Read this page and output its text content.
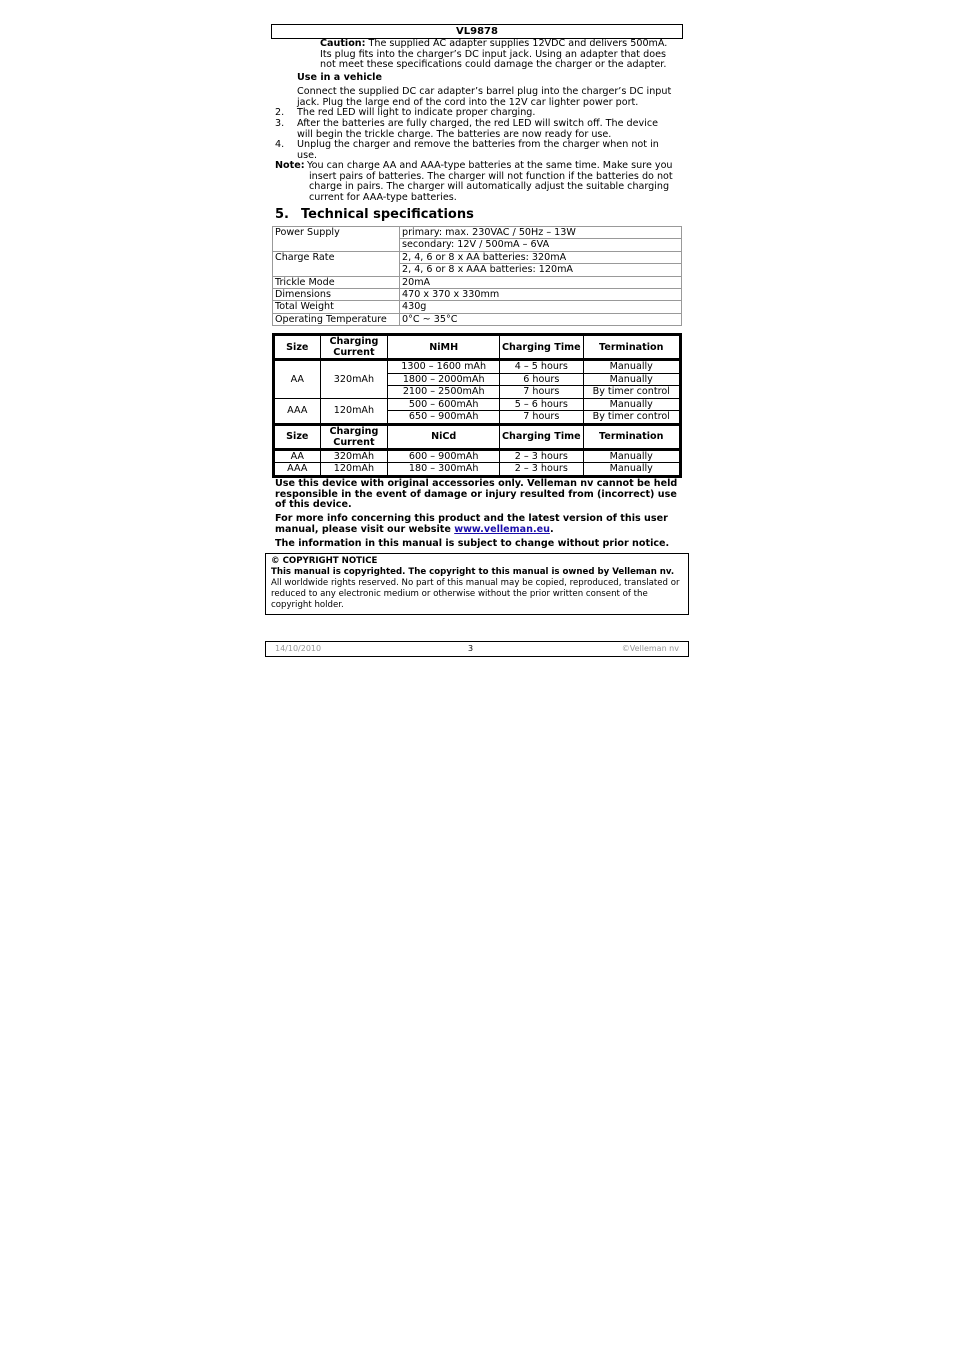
VL9878
Caution: The supplied AC adapter supplies 12VDC and delivers 500mA. Its plug fits into the charger’s DC input jack. Using an adapter that does not meet these specifications could damage the charger or the adapter.
Use in a vehicle
Connect the supplied DC car adapter’s barrel plug into the charger’s DC input jack. Plug the large end of the cord into the 12V car lighter power port.
2. The red LED will light to indicate proper charging.
3. After the batteries are fully charged, the red LED will switch off. The device will begin the trickle charge. The batteries are now ready for use.
4. Unplug the charger and remove the batteries from the charger when not in use.
Note: You can charge AA and AAA-type batteries at the same time. Make sure you insert pairs of batteries. The charger will not function if the batteries do not charge in pairs. The charger will automatically adjust the suitable charging current for AAA-type batteries.
5. Technical specifications
Power Supply	primary: max. 230VAC / 50Hz – 13W
	secondary: 12V / 500mA – 6VA
Charge Rate	2, 4, 6 or 8 x AA batteries: 320mA
	2, 4, 6 or 8 x AAA batteries: 120mA
Trickle Mode	20mA
Dimensions	470 x 370 x 330mm
Total Weight	430g
Operating Temperature	0°C ~ 35°C
Size	Charging Current	NiMH	Charging Time	Termination
AA	320mAh	1300 – 1600 mAh	4 – 5 hours	Manually
		1800 – 2000mAh	6 hours	Manually
		2100 – 2500mAh	7 hours	By timer control
AAA	120mAh	500 – 600mAh	5 – 6 hours	Manually
		650 – 900mAh	7 hours	By timer control
Size	Charging Current	NiCd	Charging Time	Termination
AA	320mAh	600 – 900mAh	2 – 3 hours	Manually
AAA	120mAh	180 – 300mAh	2 – 3 hours	Manually
Use this device with original accessories only. Velleman nv cannot be held responsible in the event of damage or injury resulted from (incorrect) use of this device.
For more info concerning this product and the latest version of this user manual, please visit our website www.velleman.eu.
The information in this manual is subject to change without prior notice.
© COPYRIGHT NOTICE
This manual is copyrighted. The copyright to this manual is owned by Velleman nv. All worldwide rights reserved. No part of this manual may be copied, reproduced, translated or reduced to any electronic medium or otherwise without the prior written consent of the copyright holder.
14/10/2010	3	©Velleman nv
